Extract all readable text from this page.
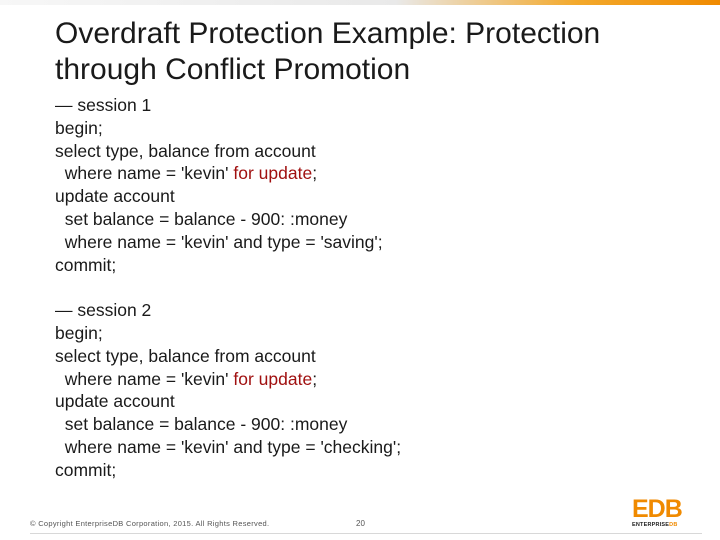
Overdraft Protection Example: Protection
through Conflict Promotion
— session 1
begin;
select type, balance from account
where name = 'kevin' for update;
update account
set balance = balance - 900: :money
where name = 'kevin' and type = 'saving';
commit;
— session 2
begin;
select type, balance from account
where name = 'kevin' for update;
update account
set balance = balance - 900: :money
where name = 'kevin' and type = 'checking';
commit;
© Copyright EnterpriseDB Corporation, 2015. All Rights Reserved.	20
EDB
ENTERPRISEDB
